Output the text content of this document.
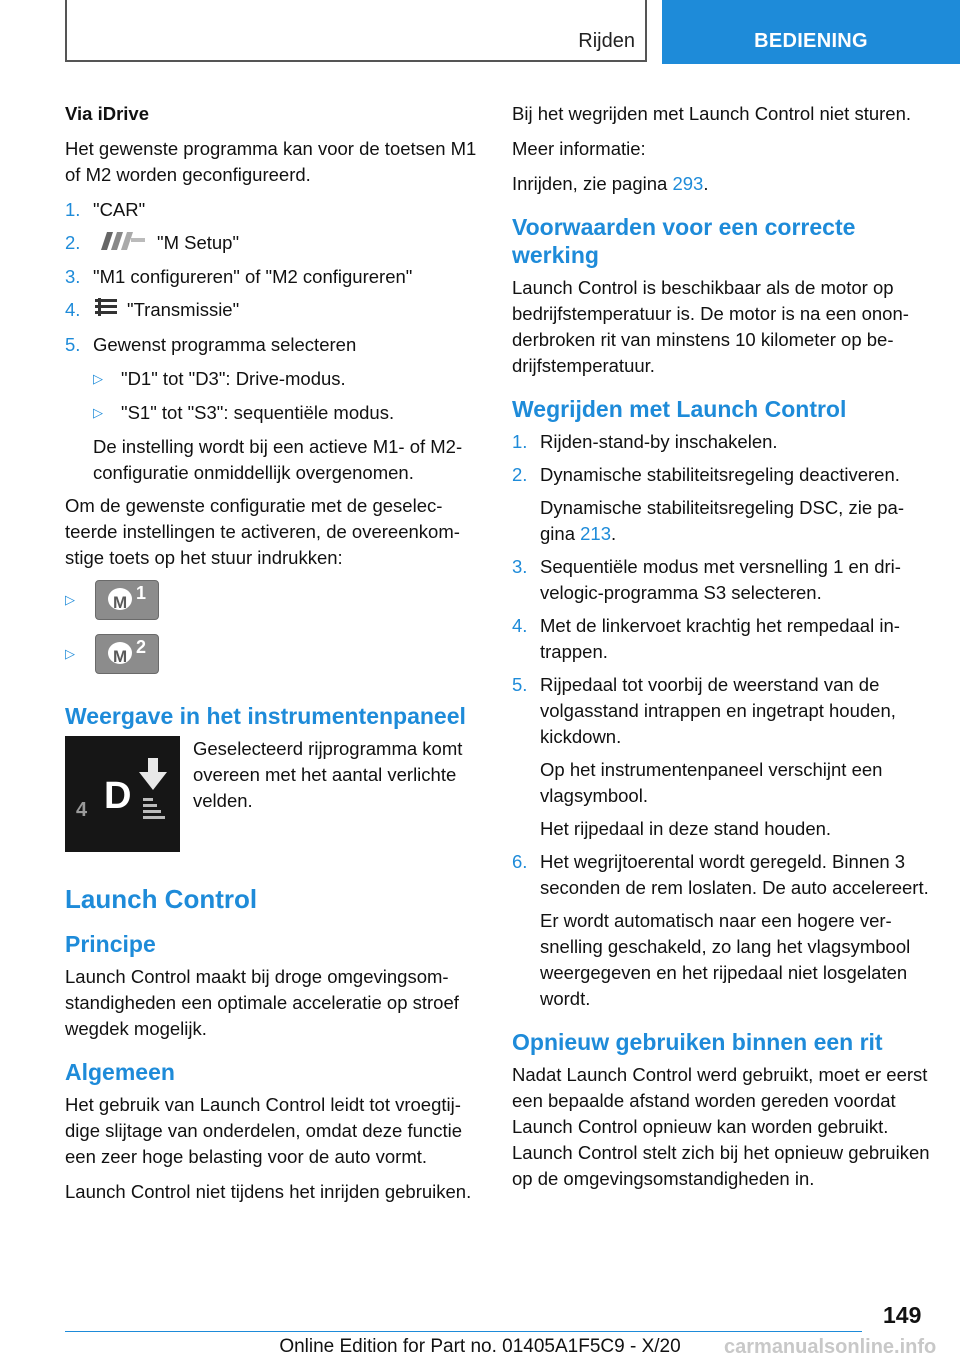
Rijden	BEDIENING

Via iDrive

Het gewenste programma kan voor de toetsen M1 of M2 worden geconfigureerd.

1. "CAR"
2.	"M Setup"
3. "M1 configureren" of "M2 configureren"
4.	"Transmissie"
5. Gewenst programma selecteren
▷ "D1" tot "D3": Drive-modus.
▷ "S1" tot "S3": sequentiële modus.

De instelling wordt bij een actieve M1- of M2-configuratie onmiddellijk overgenomen.

Om de gewenste configuratie met de geselecteerde instellingen te activeren, de overeenkomstige toets op het stuur indrukken:

▷	M 1
▷	M 2
Weergave in het instrumentenpaneel
4 D
Geselecteerd rijprogramma komt overeen met het aantal verlichte velden.
Launch Control
Principe

Launch Control maakt bij droge omgevingsomstandigheden een optimale acceleratie op stroef wegdek mogelijk.

Algemeen

Het gebruik van Launch Control leidt tot vroegtijdige slijtage van onderdelen, omdat deze functie een zeer hoge belasting voor de auto vormt.

Launch Control niet tijdens het inrijden gebruiken.

Bij het wegrijden met Launch Control niet sturen.

Meer informatie:

Inrijden, zie pagina 293.

Voorwaarden voor een correcte werking

Launch Control is beschikbaar als de motor op bedrijfstemperatuur is. De motor is na een ononderbroken rit van minstens 10 kilometer op bedrijfstemperatuur.

Wegrijden met Launch Control
1. Rijden-stand-by inschakelen.
2. Dynamische stabiliteitsregeling deactiveren.

Dynamische stabiliteitsregeling DSC, zie pagina 213.

3. Sequentiële modus met versnelling 1 en drivelogic-programma S3 selecteren.
4. Met de linkervoet krachtig het rempedaal intrappen.
5. Rijpedaal tot voorbij de weerstand van de volgasstand intrappen en ingetrapt houden, kickdown.

Op het instrumentenpaneel verschijnt een vlagsymbool.

Het rijpedaal in deze stand houden.

6. Het wegrijtoerental wordt geregeld. Binnen 3 seconden de rem loslaten. De auto accelereert.

Er wordt automatisch naar een hogere versnelling geschakeld, zo lang het vlagsymbool weergegeven en het rijpedaal niet losgelaten wordt.

Opnieuw gebruiken binnen een rit

Nadat Launch Control werd gebruikt, moet er eerst een bepaalde afstand worden gereden voordat Launch Control opnieuw kan worden gebruikt. Launch Control stelt zich bij het opnieuw gebruiken op de omgevingsomstandigheden in.

149
Online Edition for Part no. 01405A1F5C9 - X/20	carmanualsonline.info
